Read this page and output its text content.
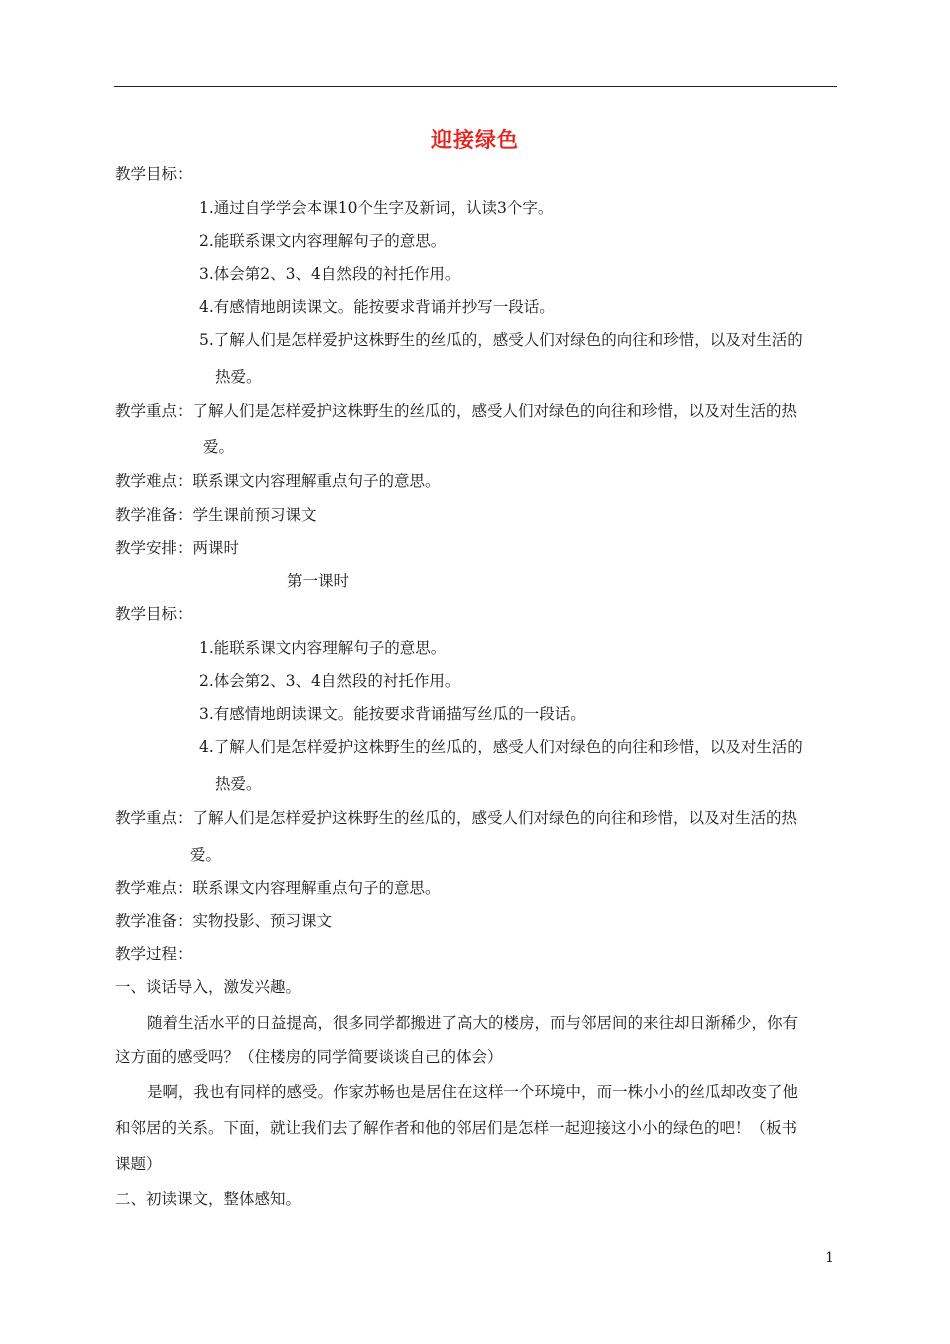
迎接绿色
教学目标：
1.通过自学学会本课10个生字及新词，认读3个字。
2.能联系课文内容理解句子的意思。
3.体会第2、3、4自然段的衬托作用。
4.有感情地朗读课文。能按要求背诵并抄写一段话。
5.了解人们是怎样爱护这株野生的丝瓜的，感受人们对绿色的向往和珍惜，以及对生活的
热爱。
教学重点：了解人们是怎样爱护这株野生的丝瓜的，感受人们对绿色的向往和珍惜，以及对生活的热
爱。
教学难点：联系课文内容理解重点句子的意思。
教学准备：学生课前预习课文
教学安排：两课时
第一课时
教学目标：
1.能联系课文内容理解句子的意思。
2.体会第2、3、4自然段的衬托作用。
3.有感情地朗读课文。能按要求背诵描写丝瓜的一段话。
4.了解人们是怎样爱护这株野生的丝瓜的，感受人们对绿色的向往和珍惜，以及对生活的
热爱。
教学重点：了解人们是怎样爱护这株野生的丝瓜的，感受人们对绿色的向往和珍惜，以及对生活的热
爱。
教学难点：联系课文内容理解重点句子的意思。
教学准备：实物投影、预习课文
教学过程：
一、谈话导入，激发兴趣。
随着生活水平的日益提高，很多同学都搬进了高大的楼房，而与邻居间的来往却日渐稀少，你有
这方面的感受吗？（住楼房的同学简要谈谈自己的体会）
是啊，我也有同样的感受。作家苏畅也是居住在这样一个环境中，而一株小小的丝瓜却改变了他
和邻居的关系。下面，就让我们去了解作者和他的邻居们是怎样一起迎接这小小的绿色的吧！（板书
课题）
二、初读课文，整体感知。
1
